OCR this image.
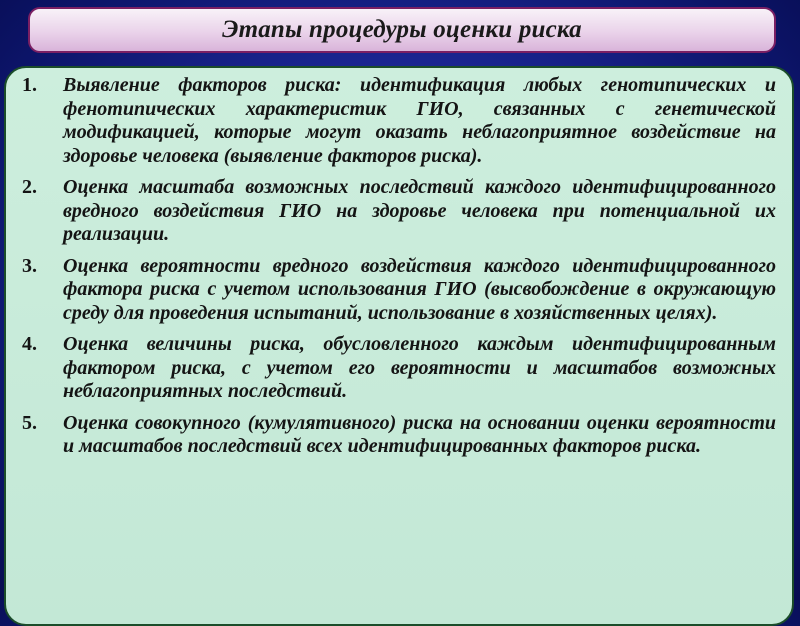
Этапы процедуры оценки риска
1. Выявление факторов риска: идентификация любых генотипических и фенотипических характеристик ГИО, связанных с генетической модификацией, которые могут оказать неблагоприятное воздействие на здоровье человека (выявление факторов риска).
2. Оценка масштаба возможных последствий каждого идентифицированного вредного воздействия ГИО на здоровье человека при потенциальной их реализации.
3. Оценка вероятности вредного воздействия каждого идентифицированного фактора риска с учетом использования ГИО (высвобождение в окружающую среду для проведения испытаний, использование в хозяйственных целях).
4. Оценка величины риска, обусловленного каждым идентифицированным фактором риска, с учетом его вероятности и масштабов возможных неблагоприятных последствий.
5. Оценка совокупного (кумулятивного) риска на основании оценки вероятности и масштабов последствий всех идентифицированных факторов риска.
